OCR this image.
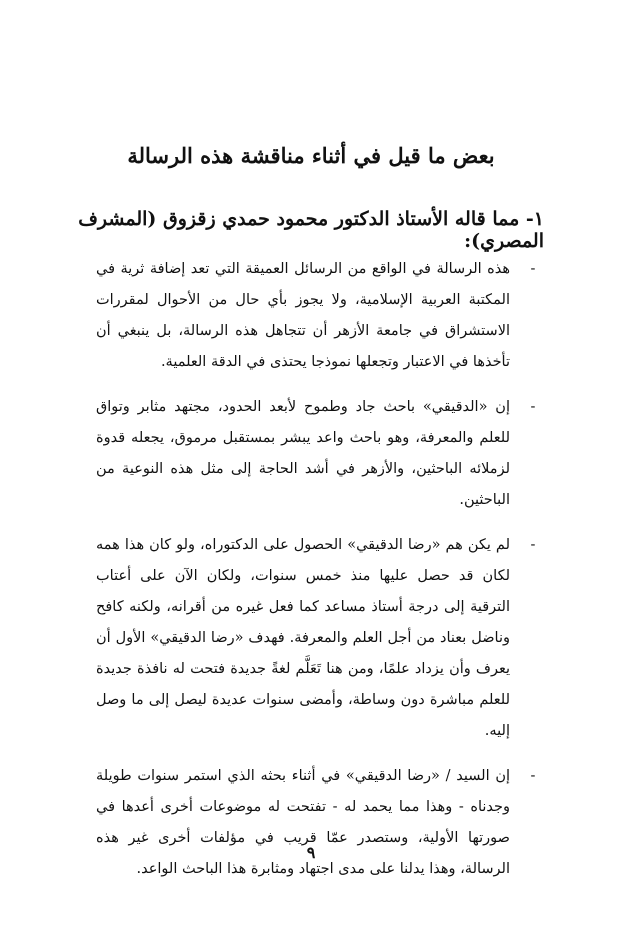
بعض ما قيل في أثناء مناقشة هذه الرسالة
١- مما قاله الأستاذ الدكتور محمود حمدي زقزوق (المشرف المصري):
-
هذه الرسالة في الواقع من الرسائل العميقة التي تعد إضافة ثرية في المكتبة العربية الإسلامية، ولا يجوز بأي حال من الأحوال لمقررات الاستشراق في جامعة الأزهر أن تتجاهل هذه الرسالة، بل ينبغي أن تأخذها في الاعتبار وتجعلها نموذجا يحتذى في الدقة العلمية.
-
إن «الدقيقي» باحث جاد وطموح لأبعد الحدود، مجتهد مثابر وتواق للعلم والمعرفة، وهو باحث واعد يبشر بمستقبل مرموق، يجعله قدوة لزملائه الباحثين، والأزهر في أشد الحاجة إلى مثل هذه النوعية من الباحثين.
-
لم يكن هم «رضا الدقيقي» الحصول على الدكتوراه، ولو كان هذا همه لكان قد حصل عليها منذ خمس سنوات، ولكان الآن على أعتاب الترقية إلى درجة أستاذ مساعد كما فعل غيره من أقرانه، ولكنه كافح وناضل بعناد من أجل العلم والمعرفة. فهدف «رضا الدقيقي» الأول أن يعرف وأن يزداد علمًا، ومن هنا تَعَلَّم لغةً جديدة فتحت له نافذة جديدة للعلم مباشرة دون وساطة، وأمضى سنوات عديدة ليصل إلى ما وصل إليه.
-
إن السيد / «رضا الدقيقي» في أثناء بحثه الذي استمر سنوات طويلة وجدناه - وهذا مما يحمد له - تفتحت له موضوعات أخرى أعدها في صورتها الأولية، وستصدر عمّا قريب في مؤلفات أخرى غير هذه الرسالة، وهذا يدلنا على مدى اجتهاد ومثابرة هذا الباحث الواعد.
٩
